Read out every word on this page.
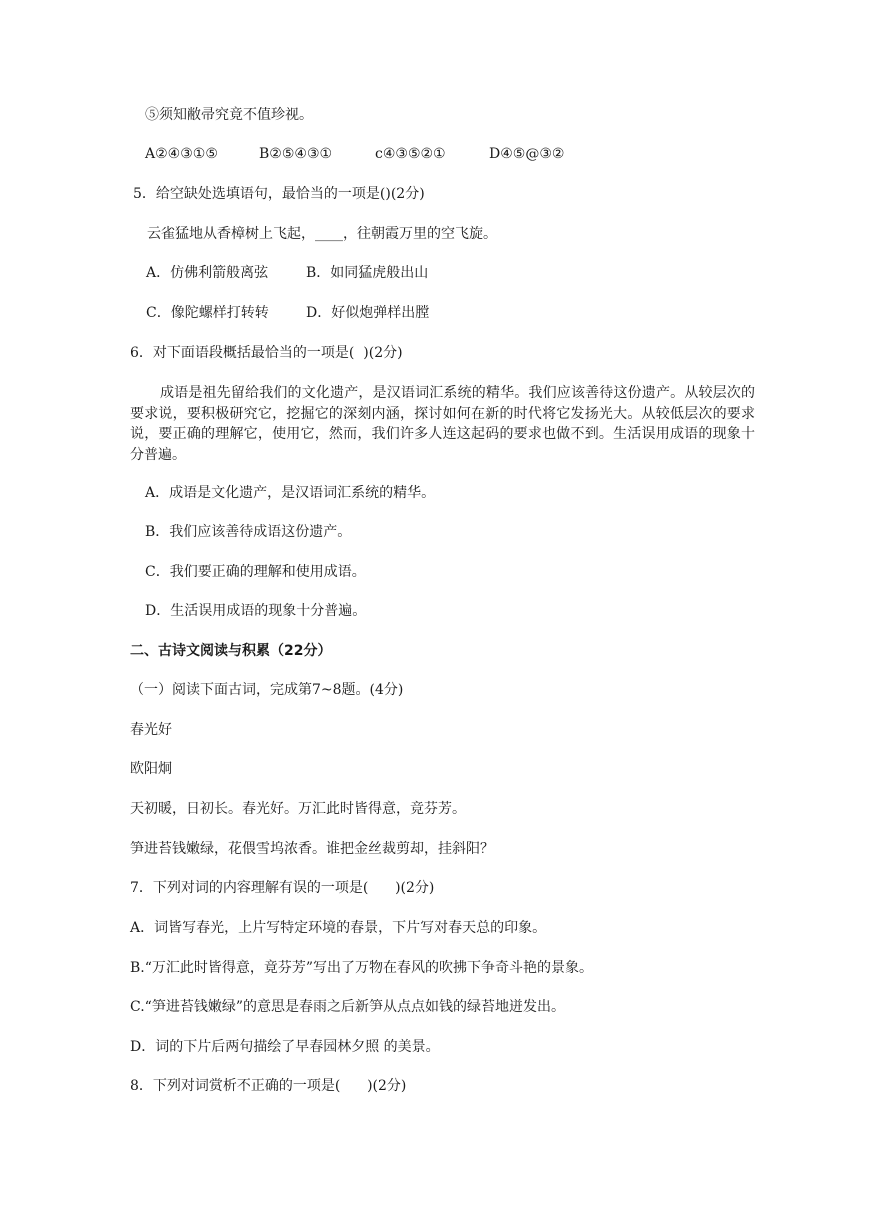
⑤须知敝帚究竟不值珍视。
A②④③①⑤	B②⑤④③①	c④③⑤②①	D④⑤@③②
5．给空缺处选填语句，最恰当的一项是()(2分)
云雀猛地从香樟树上飞起，____，往朝霞万里的空飞旋。
A．仿佛利箭般离弦	B．如同猛虎般出山
C．像陀螺样打转转	D．好似炮弹样出膛
6．对下面语段概括最恰当的一项是(  )(2分)
成语是祖先留给我们的文化遗产，是汉语词汇系统的精华。我们应该善待这份遗产。从较层次的要求说，要积极研究它，挖掘它的深刻内涵，探讨如何在新的时代将它发扬光大。从较低层次的要求说，要正确的理解它，使用它，然而，我们许多人连这起码的要求也做不到。生活误用成语的现象十分普遍。
A．成语是文化遗产，是汉语词汇系统的精华。
B．我们应该善待成语这份遗产。
C．我们要正确的理解和使用成语。
D．生活误用成语的现象十分普遍。
二、古诗文阅读与积累（22分）
（一）阅读下面古词，完成第7~8题。(4分)
春光好
欧阳炯
天初暖，日初长。春光好。万汇此时皆得意，竞芬芳。
笋进苔钱嫩绿，花偎雪坞浓香。谁把金丝裁剪却，挂斜阳？
7．下列对词的内容理解有误的一项是(      )(2分)
A．词皆写春光，上片写特定环境的春景，下片写对春天总的印象。
B.“万汇此时皆得意，竟芬芳”写出了万物在春风的吹拂下争奇斗艳的景象。
C.“笋进苔钱嫩绿”的意思是春雨之后新笋从点点如钱的绿苔地迸发出。
D．词的下片后两句描绘了早春园林夕照 的美景。
8．下列对词赏析不正确的一项是(      )(2分)
